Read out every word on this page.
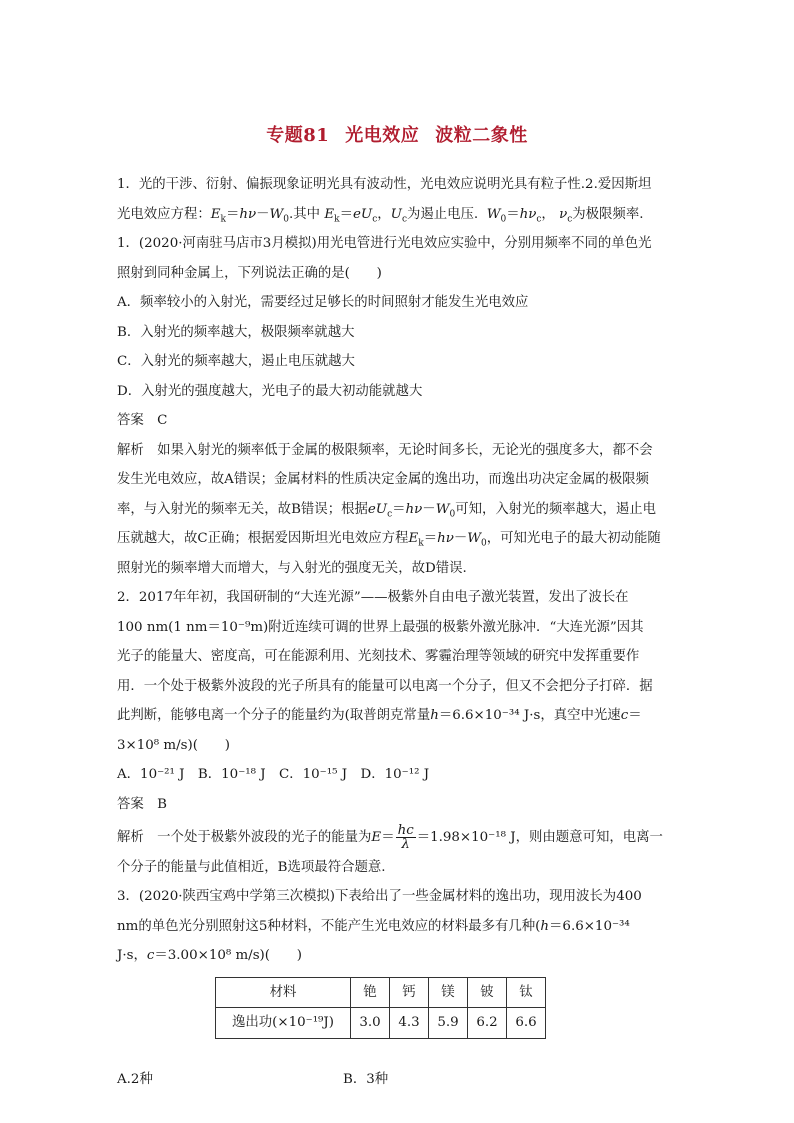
专题81 光电效应 波粒二象性

1．光的干涉、衍射、偏振现象证明光具有波动性，光电效应说明光具有粒子性.2.爱因斯坦

光电效应方程：$E_k=h\nu-W_0$.其中 $E_k=eU_c$，$U_c$为遏止电压. $W_0=h\nu_c$， $\nu_c$为极限频率.

1．(2020·河南驻马店市3月模拟)用光电管进行光电效应实验中，分别用频率不同的单色光

照射到同种金属上，下列说法正确的是(　　)

A．频率较小的入射光，需要经过足够长的时间照射才能发生光电效应

B．入射光的频率越大，极限频率就越大

C．入射光的频率越大，遏止电压就越大

D．入射光的强度越大，光电子的最大初动能就越大

答案　C

解析　如果入射光的频率低于金属的极限频率，无论时间多长，无论光的强度多大，都不会

发生光电效应，故A错误；金属材料的性质决定金属的逸出功，而逸出功决定金属的极限频

率，与入射光的频率无关，故B错误；根据$eU_c=h\nu-W_0$可知，入射光的频率越大，遏止电

压就越大，故C正确；根据爱因斯坦光电效应方程$E_k=h\nu-W_0$，可知光电子的最大初动能随

照射光的频率增大而增大，与入射光的强度无关，故D错误.

2．2017年年初，我国研制的“大连光源”——极紫外自由电子激光装置，发出了波长在

100 nm(1 nm＝10⁻⁹m)附近连续可调的世界上最强的极紫外激光脉冲．“大连光源”因其

光子的能量大、密度高，可在能源利用、光刻技术、雾霾治理等领域的研究中发挥重要作

用．一个处于极紫外波段的光子所具有的能量可以电离一个分子，但又不会把分子打碎．据

此判断，能够电离一个分子的能量约为(取普朗克常量h＝6.6×10⁻³⁴ J·s，真空中光速c＝

3×10⁸ m/s)(　　)

A．10⁻²¹ J　B．10⁻¹⁸ J　C．10⁻¹⁵ J　D．10⁻¹² J

答案　B

解析　一个处于极紫外波段的光子的能量为$E= \frac{hc}{\lambda} =1.98\times 10^{-18}$ J，则由题意可知，电离一

个分子的能量与此值相近，B选项最符合题意.

3．(2020·陕西宝鸡中学第三次模拟)下表给出了一些金属材料的逸出功，现用波长为400

nm的单色光分别照射这5种材料，不能产生光电效应的材料最多有几种(h＝6.6×10⁻³⁴

J·s，c＝3.00×10⁸ m/s)(　　)

材料	铯	钙	镁	铍	钛
逸出功(×10⁻¹⁹J)	3.0	4.3	5.9	6.2	6.6
A.2种	B．3种
